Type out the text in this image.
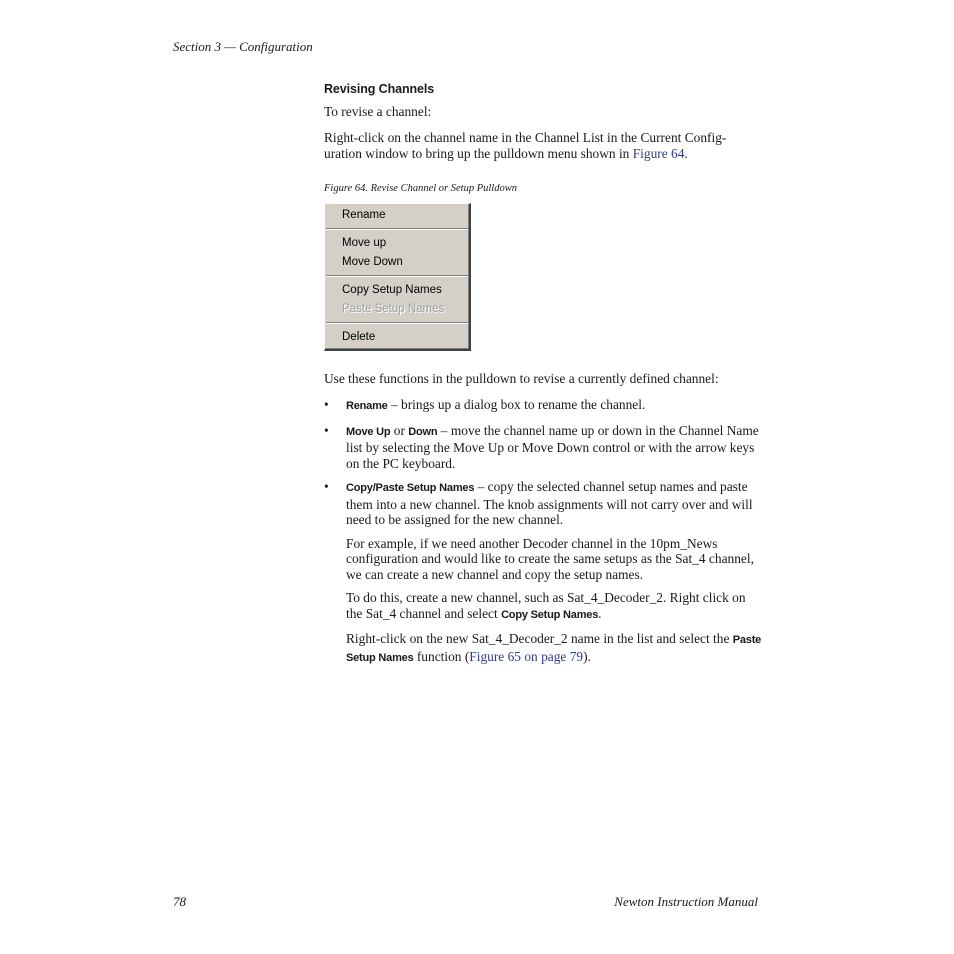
Section 3 — Configuration
Revising Channels

To revise a channel:

Right-click on the channel name in the Channel List in the Current Config-uration window to bring up the pulldown menu shown in Figure 64.

Figure 64. Revise Channel or Setup Pulldown
Rename
Move up
Move Down
Copy Setup Names
Paste Setup Names
Delete

Use these functions in the pulldown to revise a currently defined channel:

• Rename – brings up a dialog box to rename the channel.
• Move Up or Down – move the channel name up or down in the Channel Name list by selecting the Move Up or Move Down control or with the arrow keys on the PC keyboard.
• Copy/Paste Setup Names – copy the selected channel setup names and paste them into a new channel. The knob assignments will not carry over and will need to be assigned for the new channel.

For example, if we need another Decoder channel in the 10pm_News configuration and would like to create the same setups as the Sat_4 channel, we can create a new channel and copy the setup names.

To do this, create a new channel, such as Sat_4_Decoder_2. Right click on the Sat_4 channel and select Copy Setup Names.

Right-click on the new Sat_4_Decoder_2 name in the list and select the Paste Setup Names function (Figure 65 on page 79).

78	Newton Instruction Manual
